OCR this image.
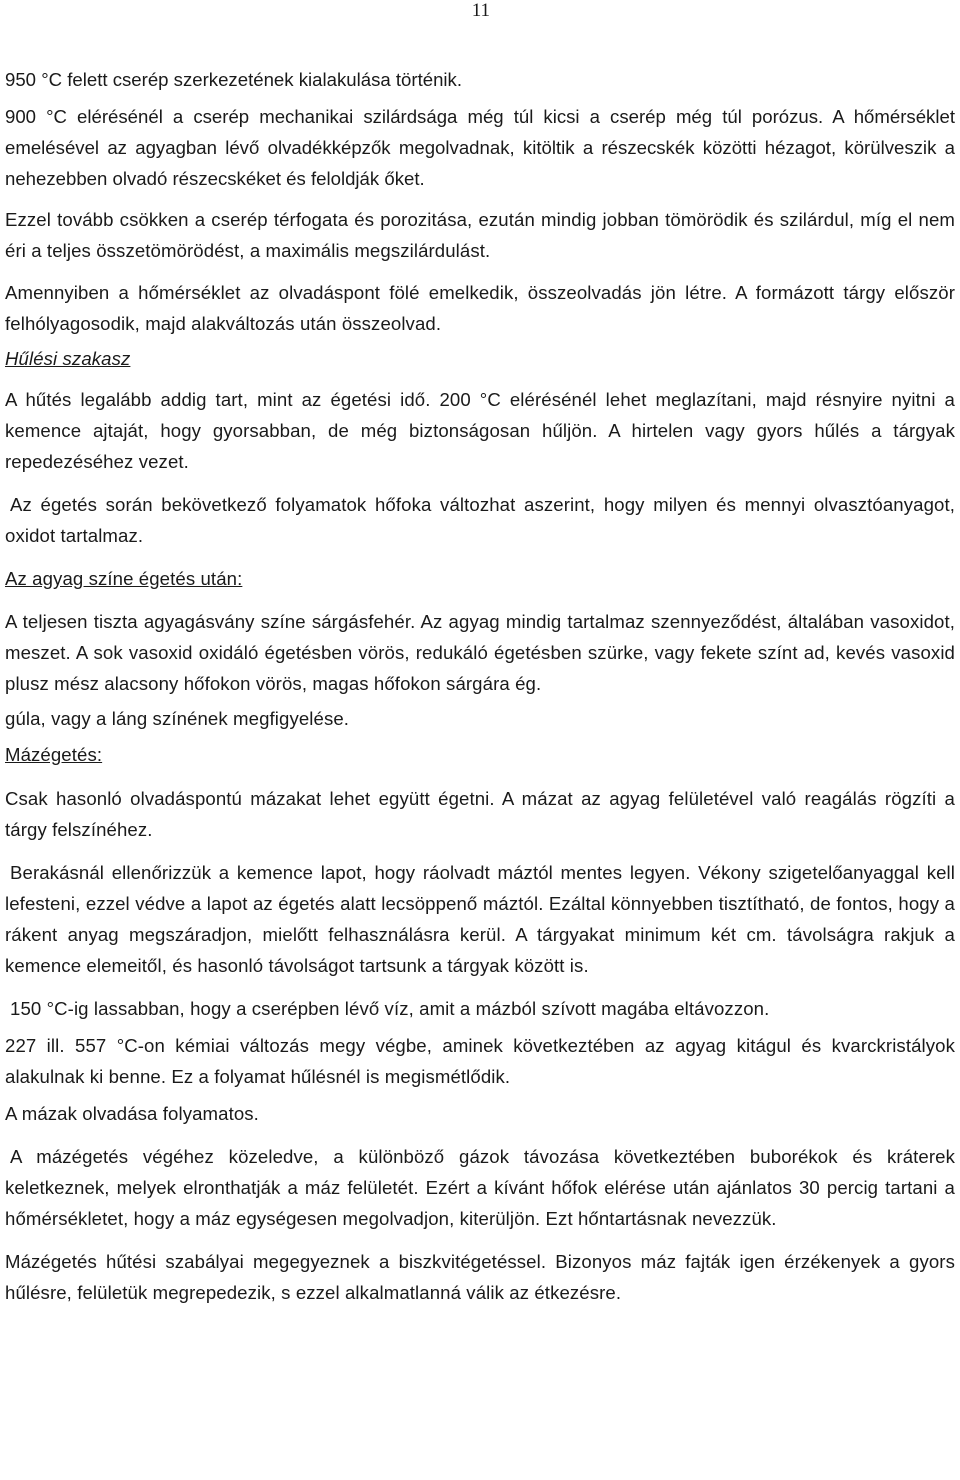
11

950 °C felett cserép szerkezetének kialakulása történik.

900 °C elérésénél a cserép mechanikai szilárdsága még túl kicsi a cserép még túl porózus. A hőmérséklet emelésével az agyagban lévő olvadékképzők megolvadnak, kitöltik a részecskék közötti hézagot, körülveszik a nehezebben olvadó részecskéket és feloldják őket.

Ezzel tovább csökken a cserép térfogata és porozitása, ezután mindig jobban tömörödik és szilárdul, míg el nem éri a teljes összetömörödést, a maximális megszilárdulást.

Amennyiben a hőmérséklet az olvadáspont fölé emelkedik, összeolvadás jön létre. A formázott tárgy először felhólyagosodik, majd alakváltozás után összeolvad.

Hűlési szakasz

A hűtés legalább addig tart, mint az égetési idő. 200 °C elérésénél lehet meglazítani, majd résnyire nyitni a kemence ajtaját, hogy gyorsabban, de még biztonságosan hűljön. A hirtelen vagy gyors hűlés a tárgyak repedezéséhez vezet.

Az égetés során bekövetkező folyamatok hőfoka változhat aszerint, hogy milyen és mennyi olvasztóanyagot, oxidot tartalmaz.

Az agyag színe égetés után:

A teljesen tiszta agyagásvány színe sárgásfehér. Az agyag mindig tartalmaz szennyeződést, általában vasoxidot, meszet. A sok vasoxid oxidáló égetésben vörös, redukáló égetésben szürke, vagy fekete színt ad, kevés vasoxid plusz mész alacsony hőfokon vörös, magas hőfokon sárgára ég.

gúla, vagy a láng színének megfigyelése.

Mázégetés:

Csak hasonló olvadáspontú mázakat lehet együtt égetni. A mázat az agyag felületével való reagálás rögzíti a tárgy felszínéhez.

Berakásnál ellenőrizzük a kemence lapot, hogy ráolvadt máztól mentes legyen. Vékony szigetelőanyaggal kell lefesteni, ezzel védve a lapot az égetés alatt lecsöppenő máztól. Ezáltal könnyebben tisztítható, de fontos, hogy a rákent anyag megszáradjon, mielőtt felhasználásra kerül. A tárgyakat minimum két cm. távolságra rakjuk a kemence elemeitől, és hasonló távolságot tartsunk a tárgyak között is.

150 °C-ig lassabban, hogy a cserépben lévő víz, amit a mázból szívott magába eltávozzon.

227 ill. 557 °C-on kémiai változás megy végbe, aminek következtében az agyag kitágul és kvarckristályok alakulnak ki benne. Ez a folyamat hűlésnél is megismétlődik.

A mázak olvadása folyamatos.

A mázégetés végéhez közeledve, a különböző gázok távozása következtében buborékok és kráterek keletkeznek, melyek elronthatják a máz felületét. Ezért a kívánt hőfok elérése után ajánlatos 30 percig tartani a hőmérsékletet, hogy a máz egységesen megolvadjon, kiterüljön. Ezt hőntartásnak nevezzük.

Mázégetés hűtési szabályai megegyeznek a biszkvitégetéssel. Bizonyos máz fajták igen érzékenyek a gyors hűlésre, felületük megrepedezik, s ezzel alkalmatlanná válik az étkezésre.
